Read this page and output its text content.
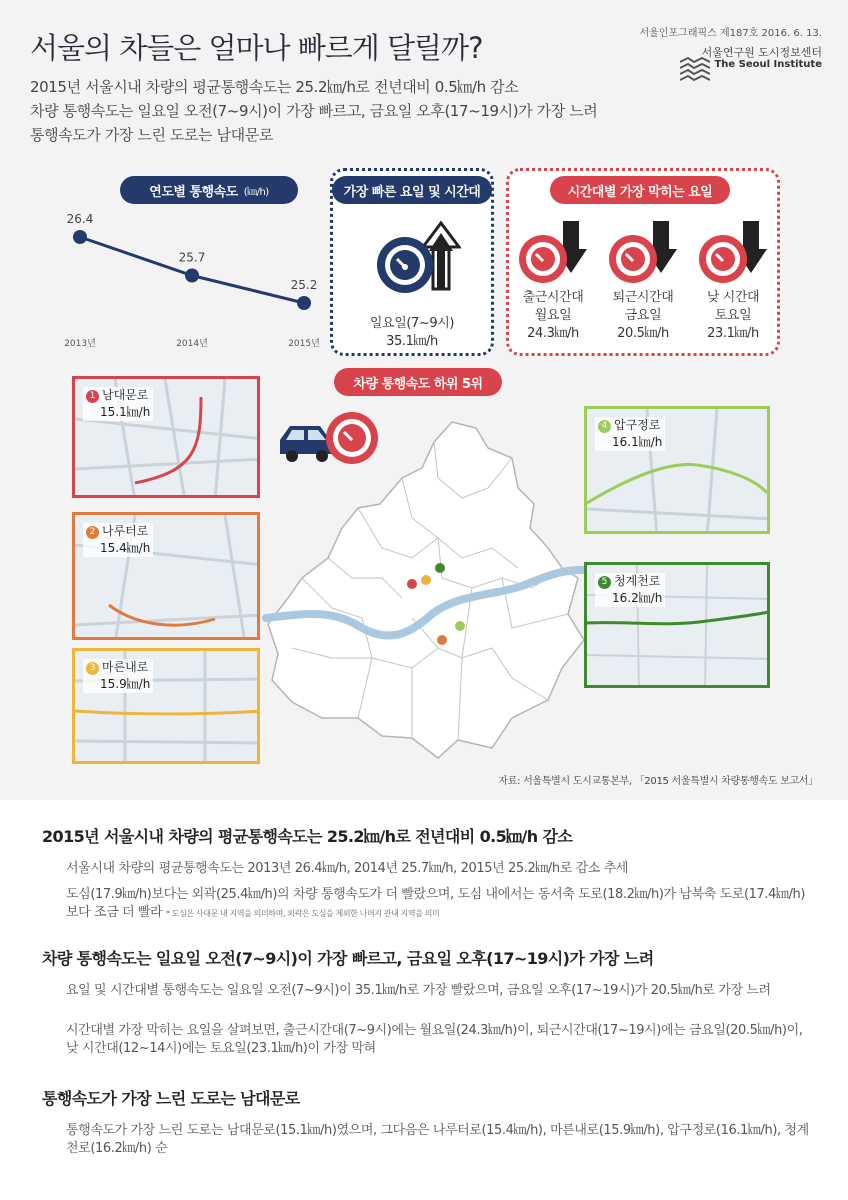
서울의 차들은 얼마나 빠르게 달릴까?
2015년 서울시내 차량의 평균통행속도는 25.2㎞/h로 전년대비 0.5㎞/h 감소
차량 통행속도는 일요일 오전(7~9시)이 가장 빠르고, 금요일 오후(17~19시)가 가장 느려
통행속도가 가장 느린 도로는 남대문로
서울인포그래픽스 제187호 2016. 6. 13.
서울연구원 도시정보센터
The Seoul Institute
연도별 통행속도 (㎞/h)
26.4
2013년
25.7
2014년
25.2
2015년
일요일(7~9시)
35.1㎞/h
가장 빠른 요일 및 시간대
출근시간대
월요일
24.3㎞/h
퇴근시간대
금요일
20.5㎞/h
낮 시간대
토요일
23.1㎞/h
시간대별 가장 막히는 요일
차량 통행속도 하위 5위
1 남대문로
15.1㎞/h
2 나루터로
15.4㎞/h
3 마른내로
15.9㎞/h
4 압구정로
16.1㎞/h
5 청계천로
16.2㎞/h
자료: 서울특별시 도시교통본부, 「2015 서울특별시 차량통행속도 보고서」
2015년 서울시내 차량의 평균통행속도는 25.2㎞/h로 전년대비 0.5㎞/h 감소
서울시내 차량의 평균통행속도는 2013년 26.4㎞/h, 2014년 25.7㎞/h, 2015년 25.2㎞/h로 감소 추세
도심(17.9㎞/h)보다는 외곽(25.4㎞/h)의 차량 통행속도가 더 빨랐으며, 도심 내에서는 동서축 도로(18.2㎞/h)가 남북축 도로(17.4㎞/h)보다 조금 더 빨라 * 도심은 사대문 내 지역을 의미하며, 외곽은 도심을 제외한 나머지 관내 지역을 의미
차량 통행속도는 일요일 오전(7~9시)이 가장 빠르고, 금요일 오후(17~19시)가 가장 느려
요일 및 시간대별 통행속도는 일요일 오전(7~9시)이 35.1㎞/h로 가장 빨랐으며, 금요일 오후(17~19시)가 20.5㎞/h로 가장 느려
시간대별 가장 막히는 요일을 살펴보면, 출근시간대(7~9시)에는 월요일(24.3㎞/h)이, 퇴근시간대(17~19시)에는 금요일(20.5㎞/h)이, 낮 시간대(12~14시)에는 토요일(23.1㎞/h)이 가장 막혀
통행속도가 가장 느린 도로는 남대문로
통행속도가 가장 느린 도로는 남대문로(15.1㎞/h)였으며, 그다음은 나루터로(15.4㎞/h), 마른내로(15.9㎞/h), 압구정로(16.1㎞/h), 청계천로(16.2㎞/h) 순
